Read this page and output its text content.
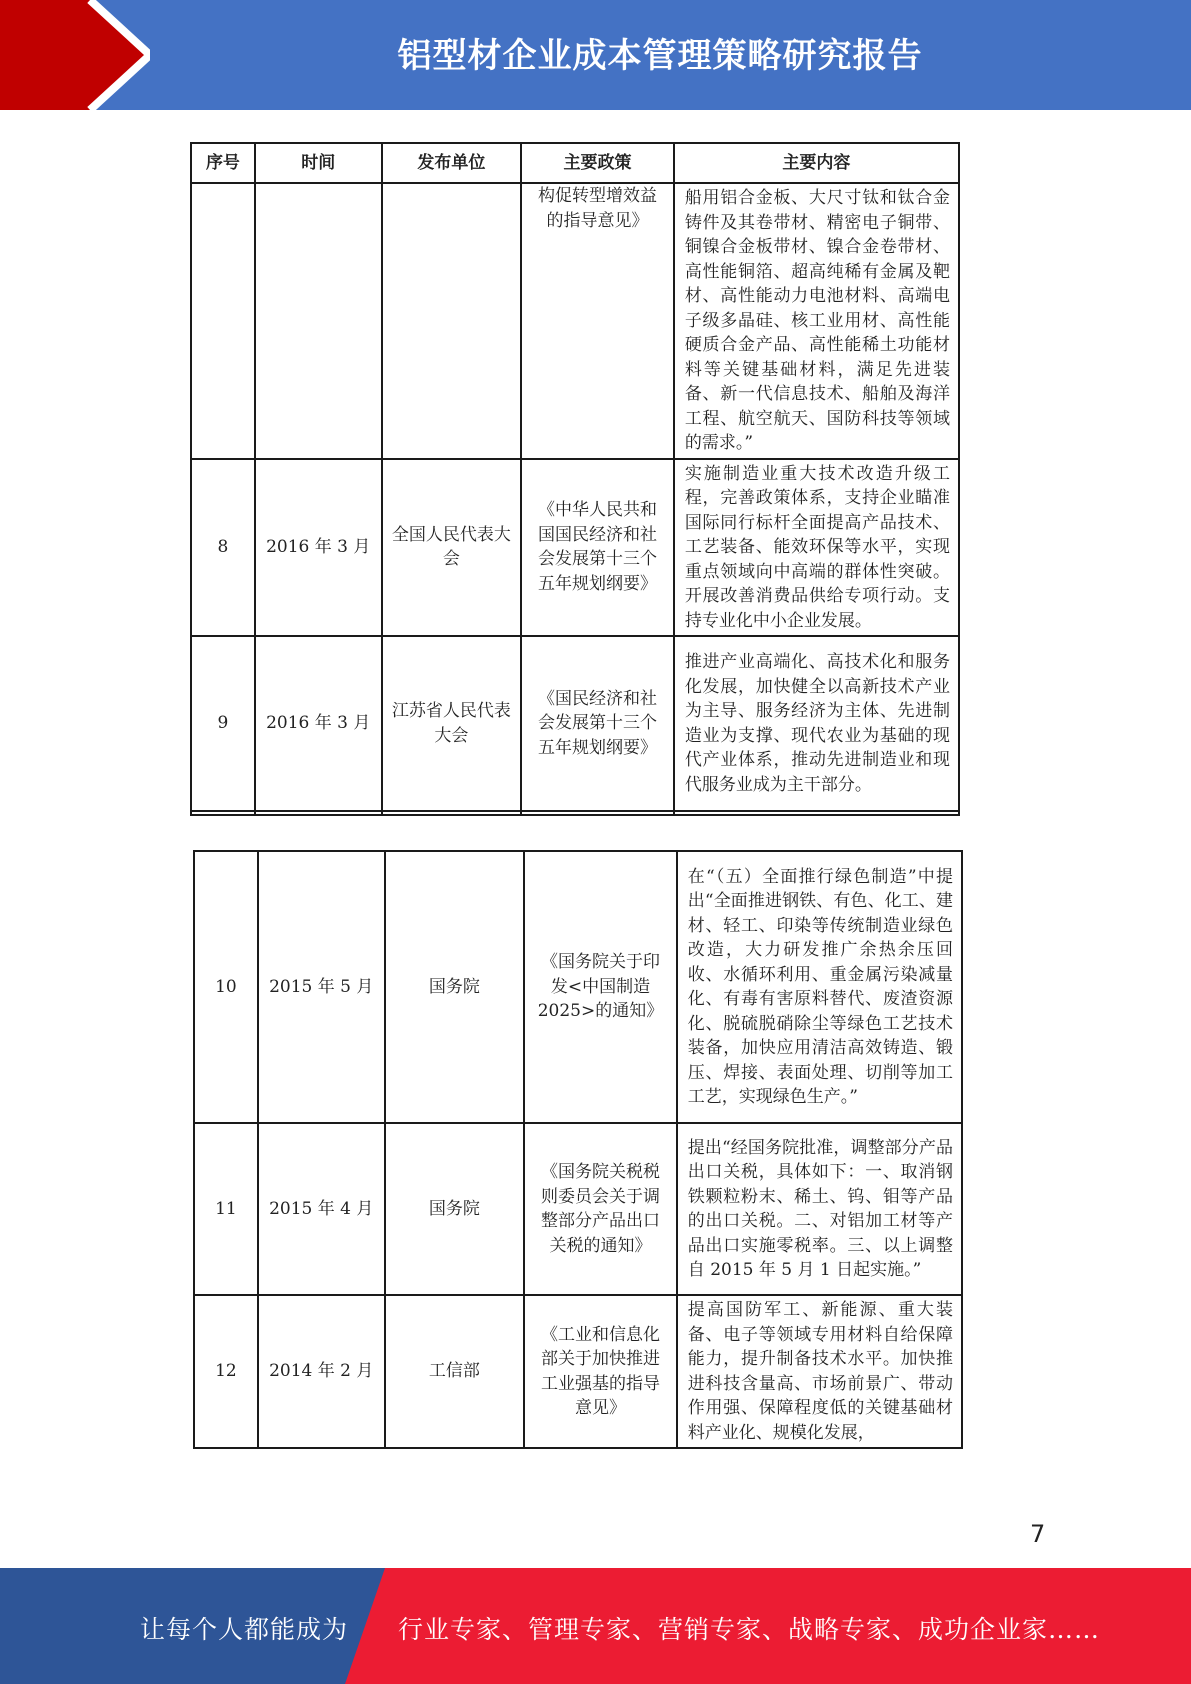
铝型材企业成本管理策略研究报告
序号	时间	发布单位	主要政策	主要内容
			构促转型增效益的指导意见》	船用铝合金板、大尺寸钛和钛合金铸件及其卷带材、精密电子铜带、铜镍合金板带材、镍合金卷带材、高性能铜箔、超高纯稀有金属及靶材、高性能动力电池材料、高端电子级多晶硅、核工业用材、高性能硬质合金产品、高性能稀土功能材料等关键基础材料，满足先进装备、新一代信息技术、船舶及海洋工程、航空航天、国防科技等领域的需求。”
8	2016 年 3 月	全国人民代表大会	《中华人民共和国国民经济和社会发展第十三个五年规划纲要》	实施制造业重大技术改造升级工程，完善政策体系，支持企业瞄准国际同行标杆全面提高产品技术、工艺装备、能效环保等水平，实现重点领域向中高端的群体性突破。开展改善消费品供给专项行动。支持专业化中小企业发展。
9	2016 年 3 月	江苏省人民代表大会	《国民经济和社会发展第十三个五年规划纲要》	推进产业高端化、高技术化和服务化发展，加快健全以高新技术产业为主导、服务经济为主体、先进制造业为支撑、现代农业为基础的现代产业体系，推动先进制造业和现代服务业成为主干部分。

10	2015 年 5 月	国务院	《国务院关于印发<中国制造2025>的通知》	在“（五）全面推行绿色制造”中提出“全面推进钢铁、有色、化工、建材、轻工、印染等传统制造业绿色改造，大力研发推广余热余压回收、水循环利用、重金属污染减量化、有毒有害原料替代、废渣资源化、脱硫脱硝除尘等绿色工艺技术装备，加快应用清洁高效铸造、锻压、焊接、表面处理、切削等加工工艺，实现绿色生产。”
11	2015 年 4 月	国务院	《国务院关税税则委员会关于调整部分产品出口关税的通知》	提出“经国务院批准，调整部分产品出口关税，具体如下：一、取消钢铁颗粒粉末、稀土、钨、钼等产品的出口关税。二、对铝加工材等产品出口实施零税率。三、以上调整自 2015 年 5 月 1 日起实施。”
12	2014 年 2 月	工信部	《工业和信息化部关于加快推进工业强基的指导意见》	提高国防军工、新能源、重大装备、电子等领域专用材料自给保障能力，提升制备技术水平。加快推进科技含量高、市场前景广、带动作用强、保障程度低的关键基础材料产业化、规模化发展，
7
让每个人都能成为 行业专家、管理专家、营销专家、战略专家、成功企业家……
